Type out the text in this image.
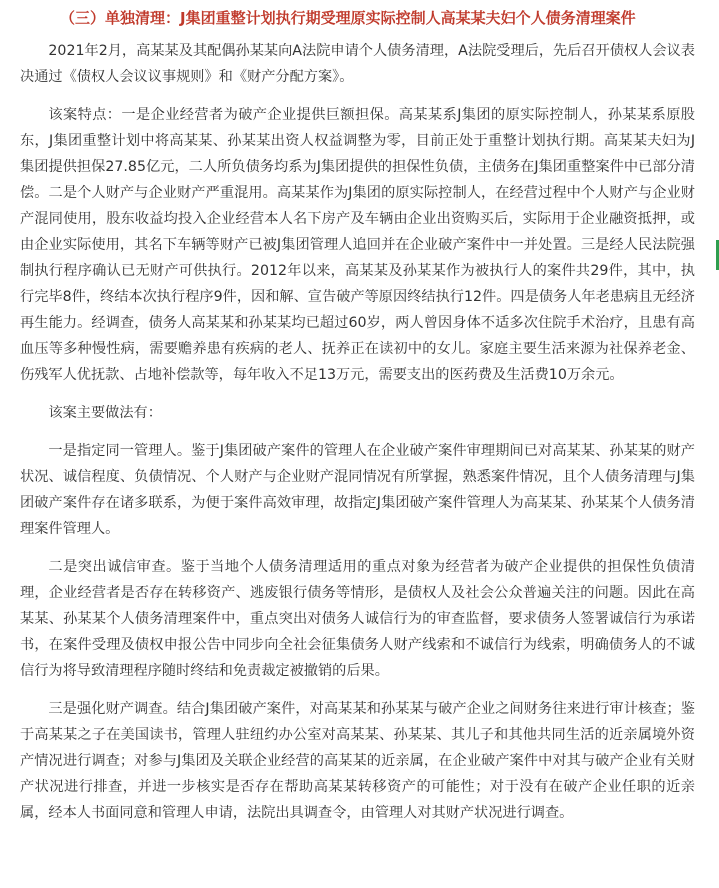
（三）单独清理：J集团重整计划执行期受理原实际控制人高某某夫妇个人债务清理案件

2021年2月，高某某及其配偶孙某某向A法院申请个人债务清理，A法院受理后，先后召开债权人会议表决通过《债权人会议议事规则》和《财产分配方案》。

该案特点：一是企业经营者为破产企业提供巨额担保。高某某系J集团的原实际控制人，孙某某系原股东，J集团重整计划中将高某某、孙某某出资人权益调整为零，目前正处于重整计划执行期。高某某夫妇为J集团提供担保27.85亿元，二人所负债务均系为J集团提供的担保性负债，主债务在J集团重整案件中已部分清偿。二是个人财产与企业财产严重混用。高某某作为J集团的原实际控制人，在经营过程中个人财产与企业财产混同使用，股东收益均投入企业经营本人名下房产及车辆由企业出资购买后，实际用于企业融资抵押，或由企业实际使用，其名下车辆等财产已被J集团管理人追回并在企业破产案件中一并处置。三是经人民法院强制执行程序确认已无财产可供执行。2012年以来，高某某及孙某某作为被执行人的案件共29件，其中，执行完毕8件，终结本次执行程序9件，因和解、宣告破产等原因终结执行12件。四是债务人年老患病且无经济再生能力。经调查，债务人高某某和孙某某均已超过60岁，两人曾因身体不适多次住院手术治疗，且患有高血压等多种慢性病，需要赡养患有疾病的老人、抚养正在读初中的女儿。家庭主要生活来源为社保养老金、伤残军人优抚款、占地补偿款等，每年收入不足13万元，需要支出的医药费及生活费10万余元。

该案主要做法有：

一是指定同一管理人。鉴于J集团破产案件的管理人在企业破产案件审理期间已对高某某、孙某某的财产状况、诚信程度、负债情况、个人财产与企业财产混同情况有所掌握，熟悉案件情况，且个人债务清理与J集团破产案件存在诸多联系，为便于案件高效审理，故指定J集团破产案件管理人为高某某、孙某某个人债务清理案件管理人。

二是突出诚信审查。鉴于当地个人债务清理适用的重点对象为经营者为破产企业提供的担保性负债清理，企业经营者是否存在转移资产、逃废银行债务等情形，是债权人及社会公众普遍关注的问题。因此在高某某、孙某某个人债务清理案件中，重点突出对债务人诚信行为的审查监督，要求债务人签署诚信行为承诺书，在案件受理及债权申报公告中同步向全社会征集债务人财产线索和不诚信行为线索，明确债务人的不诚信行为将导致清理程序随时终结和免责裁定被撤销的后果。

三是强化财产调查。结合J集团破产案件，对高某某和孙某某与破产企业之间财务往来进行审计核查；鉴于高某某之子在美国读书，管理人驻纽约办公室对高某某、孙某某、其儿子和其他共同生活的近亲属境外资产情况进行调查；对参与J集团及关联企业经营的高某某的近亲属，在企业破产案件中对其与破产企业有关财产状况进行排查，并进一步核实是否存在帮助高某某转移资产的可能性；对于没有在破产企业任职的近亲属，经本人书面同意和管理人申请，法院出具调查令，由管理人对其财产状况进行调查。
